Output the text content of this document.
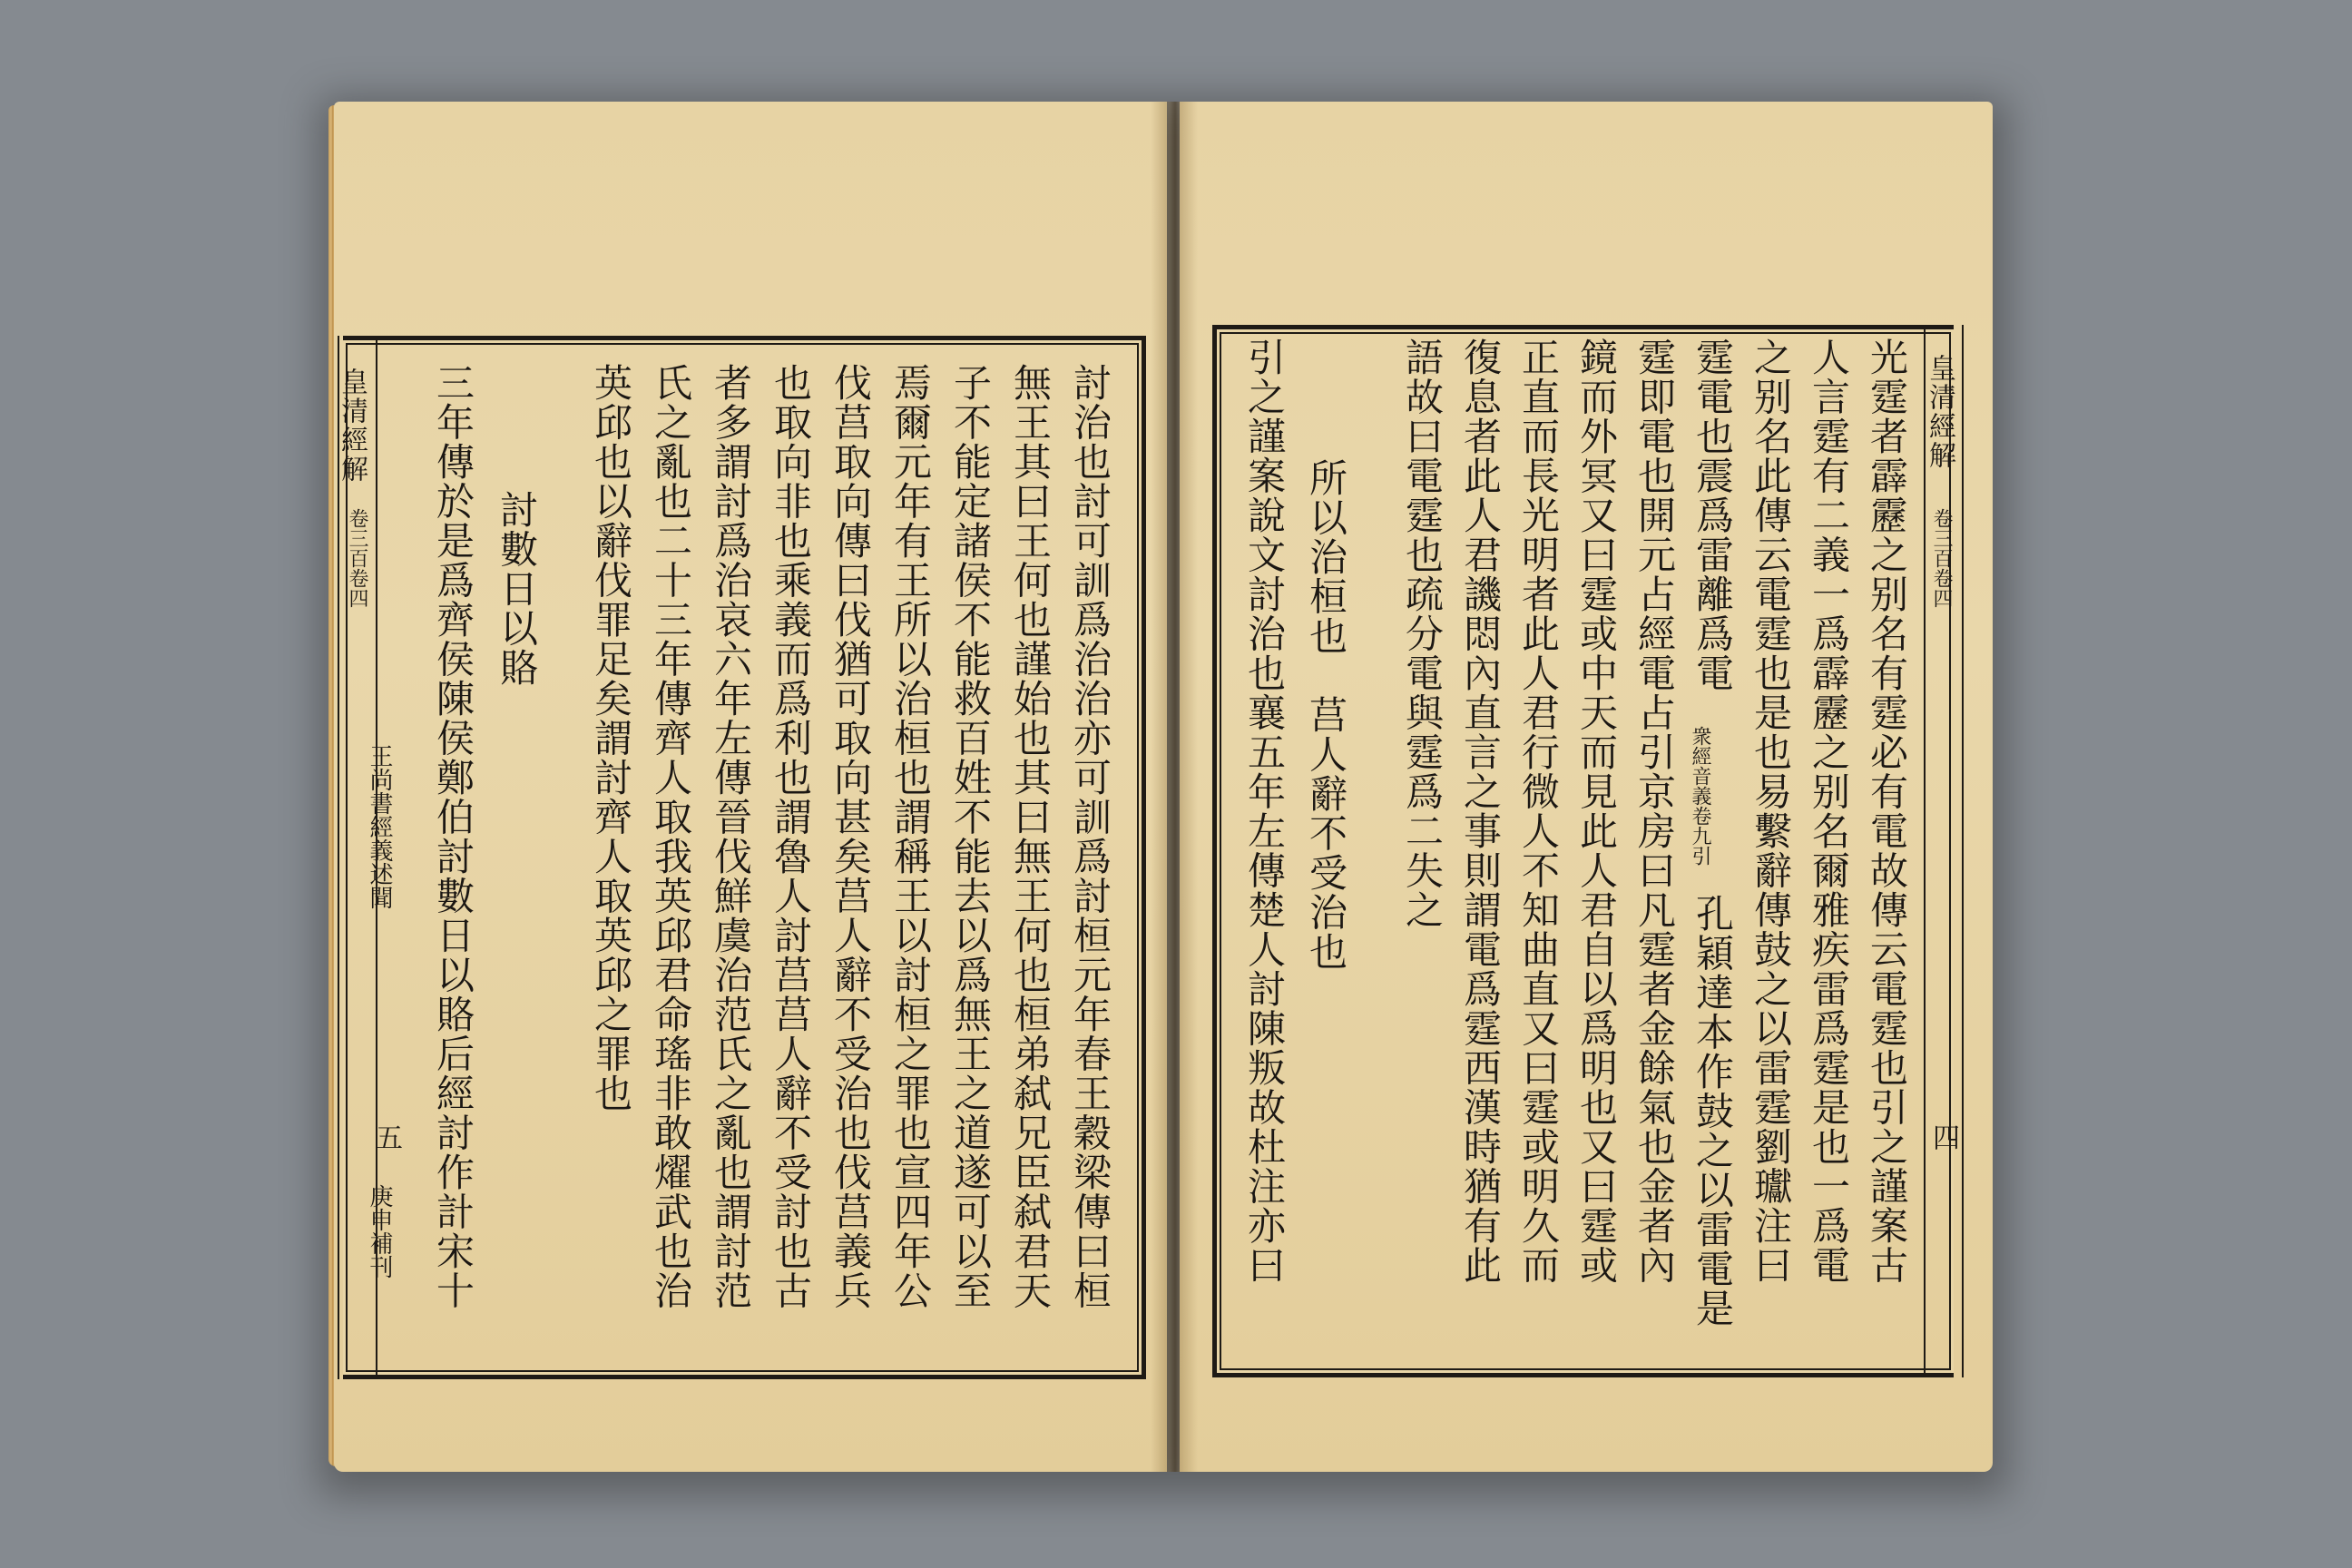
皇清經解
卷三百卷四
王尚書經義述聞
五
庚申補刊	討治也討可訓爲治治亦可訓爲討桓元年春王穀梁傳曰桓
無王其曰王何也謹始也其曰無王何也桓弟弑兄臣弑君天
子不能定諸侯不能救百姓不能去以爲無王之道遂可以至
焉爾元年有王所以治桓也謂稱王以討桓之罪也宣四年公
伐莒取向傳曰伐猶可取向甚矣莒人辭不受治也伐莒義兵
也取向非也乘義而爲利也謂魯人討莒莒人辭不受討也古
者多謂討爲治哀六年左傳晉伐鮮虞治范氏之亂也謂討范
氏之亂也二十三年傳齊人取我英邱君命瑤非敢燿武也治
英邱也以辭伐罪足矣謂討齊人取英邱之罪也
討數日以賂
三年傳於是爲齊侯陳侯鄭伯討數日以賂后經討作計宋十	皇清經解
卷三百卷四
四
光霆者霹靂之别名有霆必有電故傳云電霆也引之謹案古
人言霆有二義一爲霹靂之别名爾雅疾雷爲霆是也一爲電
之别名此傳云電霆也是也易繫辭傳鼓之以雷霆劉瓛注曰
霆電也震爲雷離爲電
衆經音義卷九引
孔穎達本作鼓之以雷電是
霆即電也開元占經電占引京房曰凡霆者金餘氣也金者內
鏡而外冥又曰霆或中天而見此人君自以爲明也又曰霆或
正直而長光明者此人君行微人不知曲直又曰霆或明久而
復息者此人君譏悶內直言之事則謂電爲霆西漢時猶有此
語故曰電霆也疏分電與霆爲二失之
所以治桓也　莒人辭不受治也
引之謹案說文討治也襄五年左傳楚人討陳叛故杜注亦曰
